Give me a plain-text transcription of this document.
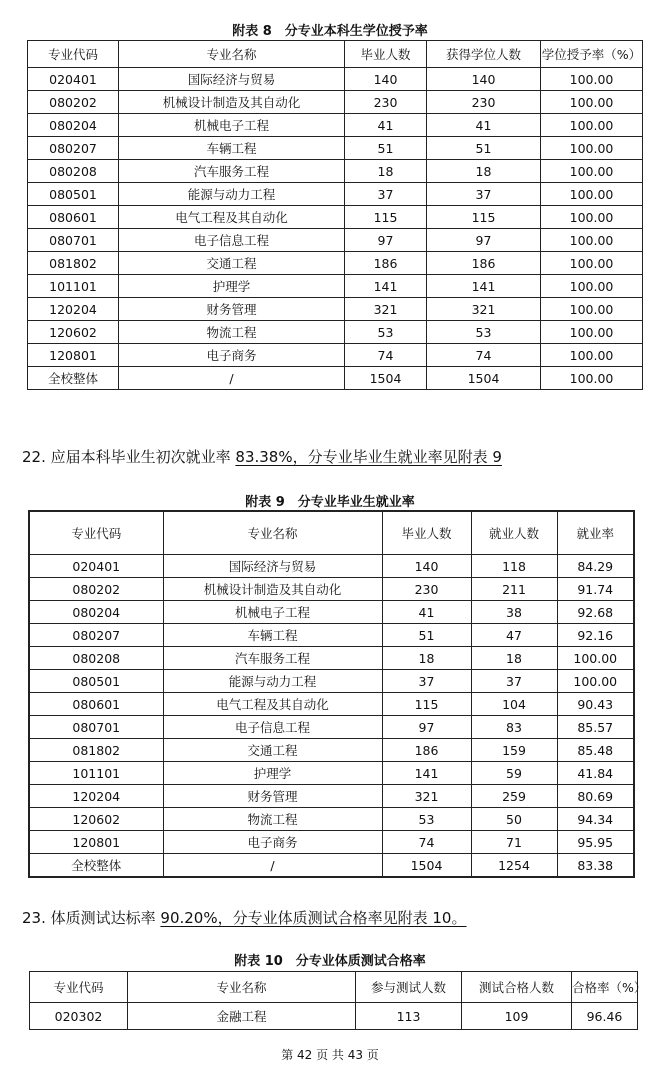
附表 8　分专业本科生学位授予率
专业代码	专业名称	毕业人数	获得学位人数	学位授予率（%）
020401	国际经济与贸易	140	140	100.00
080202	机械设计制造及其自动化	230	230	100.00
080204	机械电子工程	41	41	100.00
080207	车辆工程	51	51	100.00
080208	汽车服务工程	18	18	100.00
080501	能源与动力工程	37	37	100.00
080601	电气工程及其自动化	115	115	100.00
080701	电子信息工程	97	97	100.00
081802	交通工程	186	186	100.00
101101	护理学	141	141	100.00
120204	财务管理	321	321	100.00
120602	物流工程	53	53	100.00
120801	电子商务	74	74	100.00
全校整体	/	1504	1504	100.00
22. 应届本科毕业生初次就业率 83.38%，分专业毕业生就业率见附表 9
附表 9　分专业毕业生就业率
专业代码	专业名称	毕业人数	就业人数	就业率
020401	国际经济与贸易	140	118	84.29
080202	机械设计制造及其自动化	230	211	91.74
080204	机械电子工程	41	38	92.68
080207	车辆工程	51	47	92.16
080208	汽车服务工程	18	18	100.00
080501	能源与动力工程	37	37	100.00
080601	电气工程及其自动化	115	104	90.43
080701	电子信息工程	97	83	85.57
081802	交通工程	186	159	85.48
101101	护理学	141	59	41.84
120204	财务管理	321	259	80.69
120602	物流工程	53	50	94.34
120801	电子商务	74	71	95.95
全校整体	/	1504	1254	83.38
23. 体质测试达标率 90.20%，分专业体质测试合格率见附表 10。
附表 10　分专业体质测试合格率
专业代码	专业名称	参与测试人数	测试合格人数	合格率（%）
020302	金融工程	113	109	96.46
第 42 页 共 43 页
